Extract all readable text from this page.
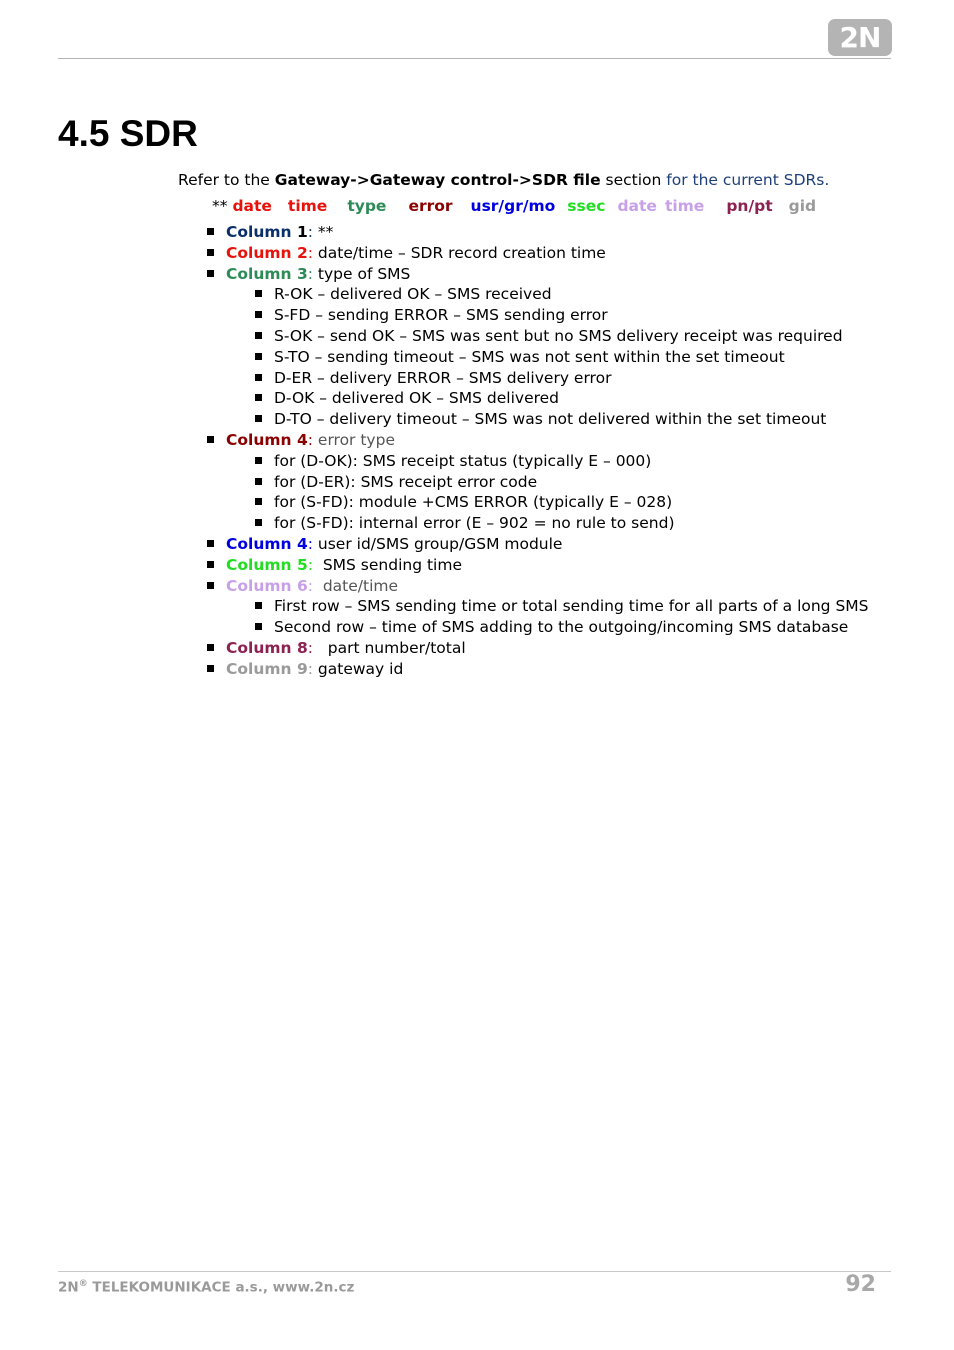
2N
4.5 SDR
Refer to the Gateway->Gateway control->SDR file section for the current SDRs.
** date time type error usr/gr/mo ssec date time pn/pt gid
Column 1: **
Column 2: date/time – SDR record creation time
Column 3: type of SMS
R-OK – delivered OK – SMS received
S-FD – sending ERROR – SMS sending error
S-OK – send OK – SMS was sent but no SMS delivery receipt was required
S-TO – sending timeout – SMS was not sent within the set timeout
D-ER – delivery ERROR – SMS delivery error
D-OK – delivered OK – SMS delivered
D-TO – delivery timeout – SMS was not delivered within the set timeout
Column 4: error type
for (D-OK): SMS receipt status (typically E – 000)
for (D-ER): SMS receipt error code
for (S-FD): module +CMS ERROR (typically E – 028)
for (S-FD): internal error (E – 902 = no rule to send)
Column 4: user id/SMS group/GSM module
Column 5:  SMS sending time
Column 6:  date/time
First row – SMS sending time or total sending time for all parts of a long SMS
Second row – time of SMS adding to the outgoing/incoming SMS database
Column 8:   part number/total
Column 9: gateway id
2N® TELEKOMUNIKACE a.s., www.2n.cz	92
